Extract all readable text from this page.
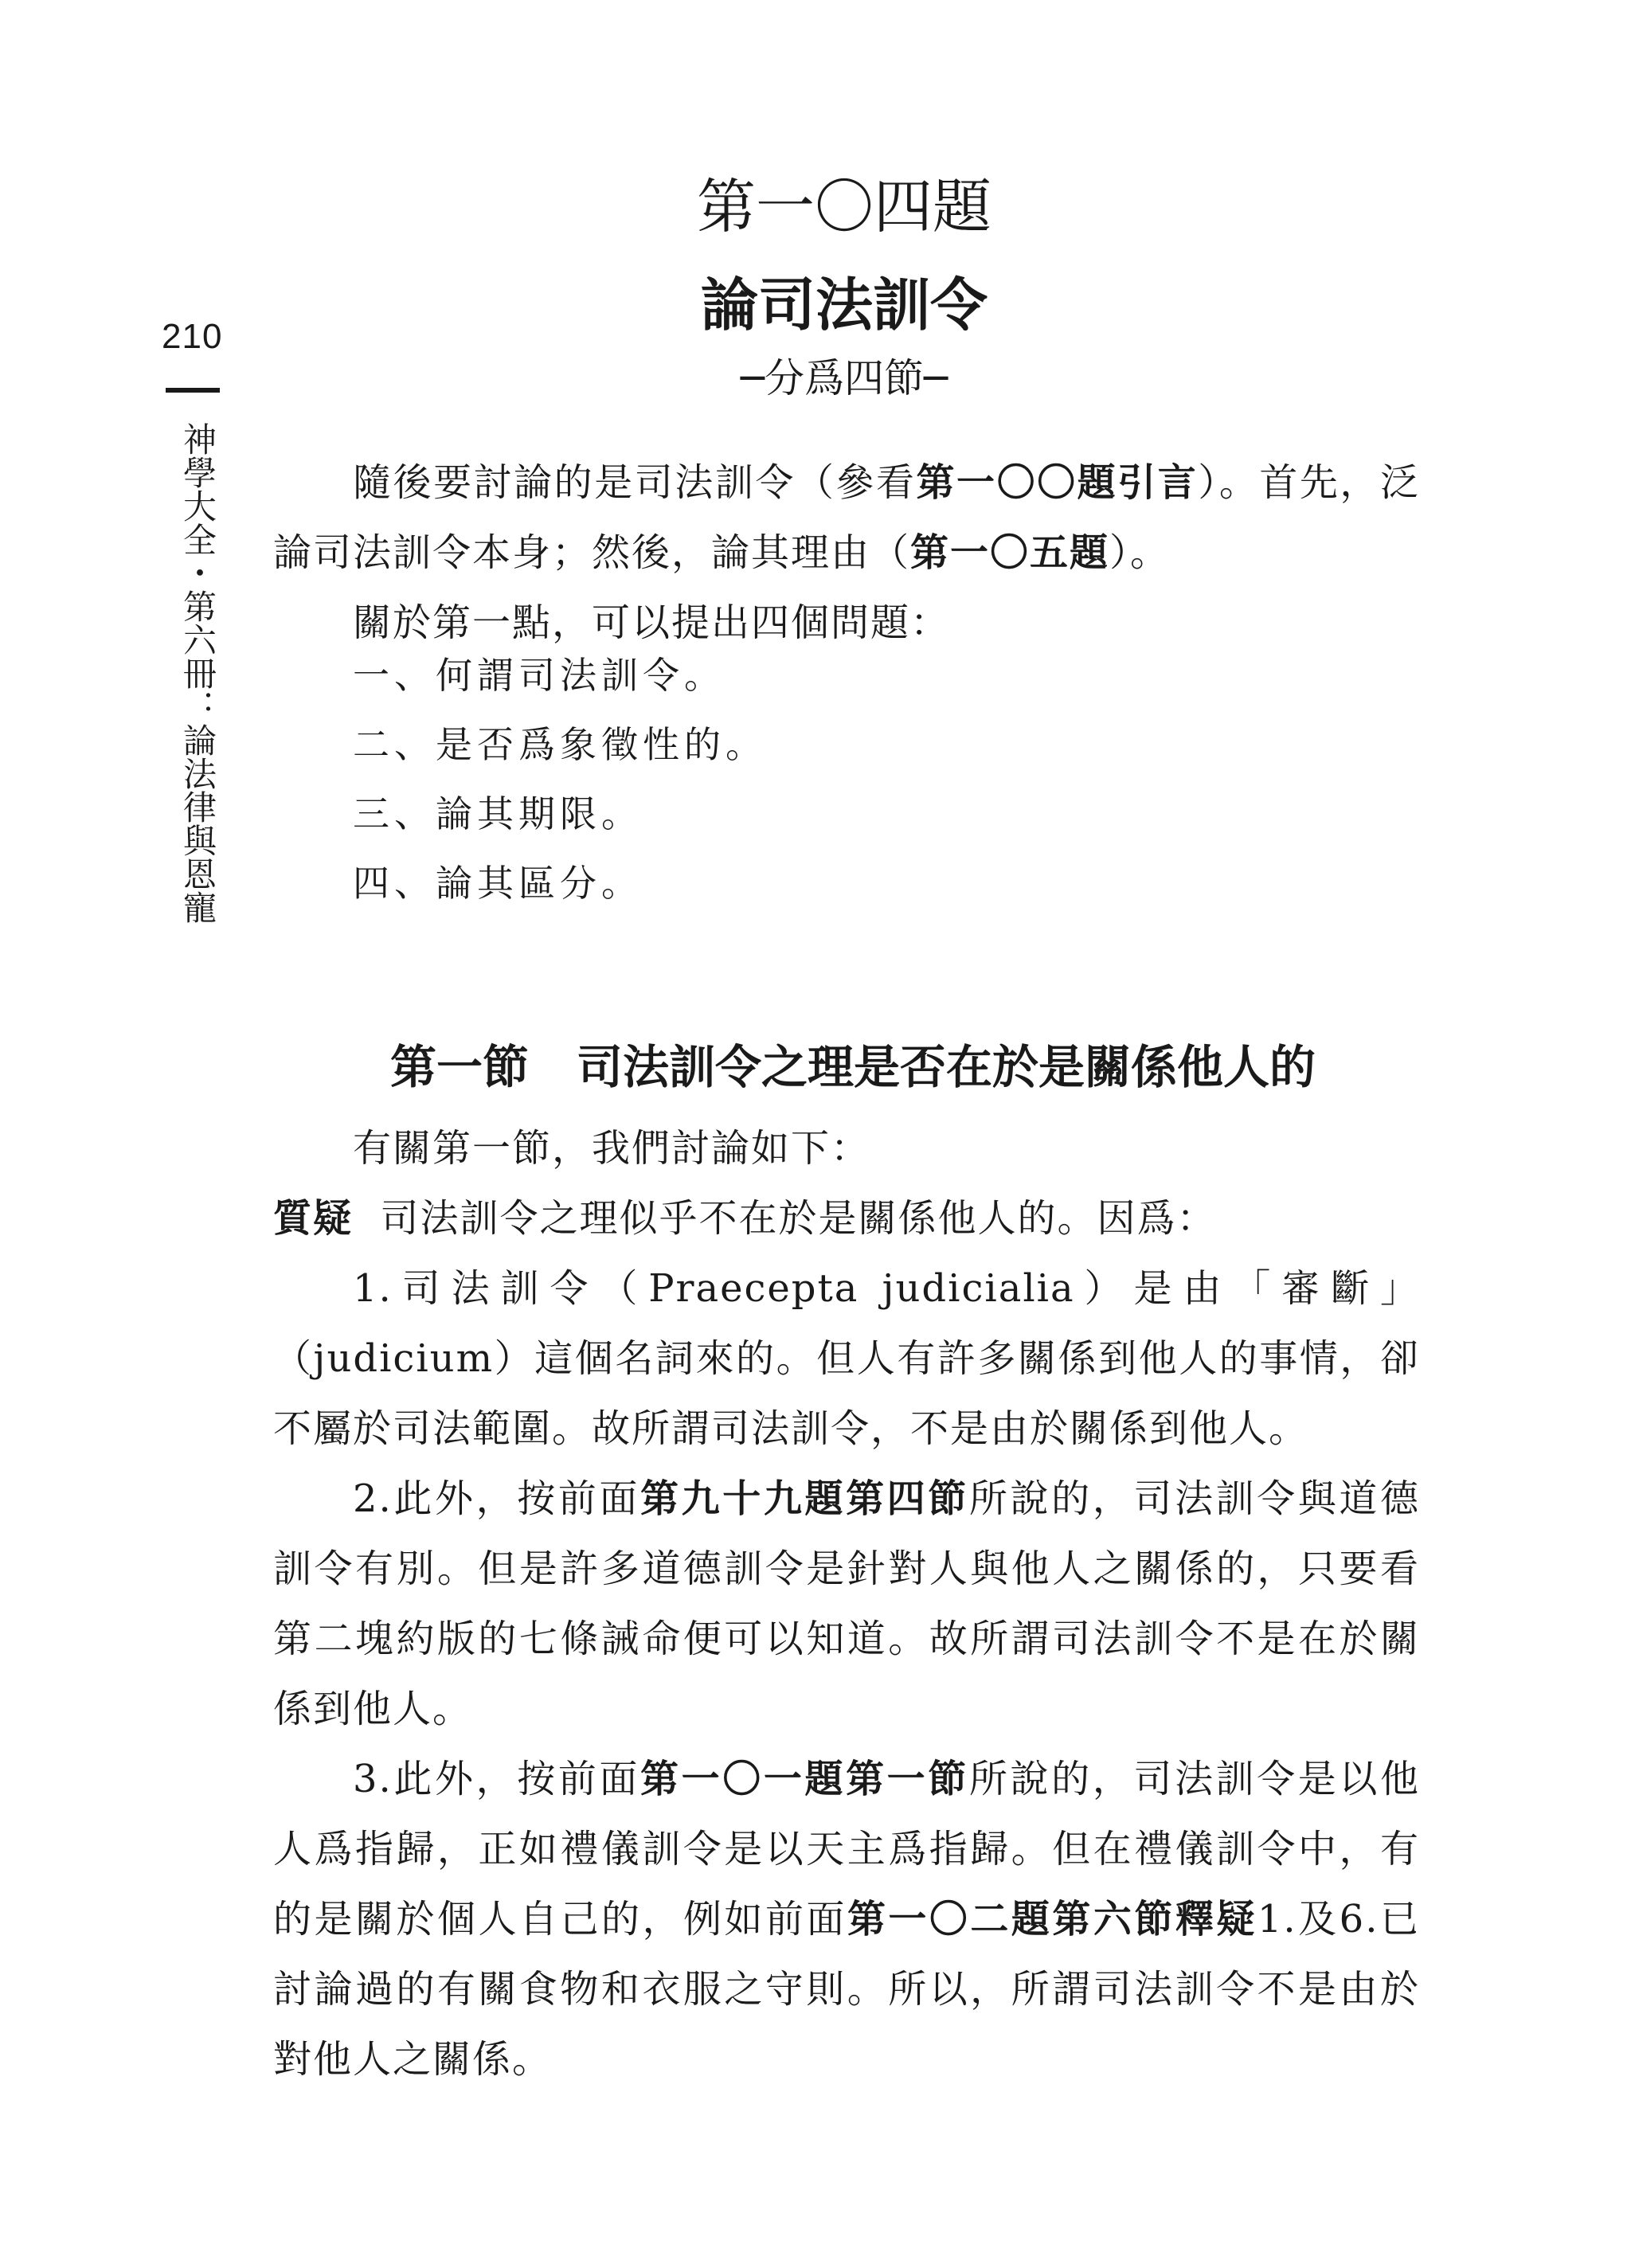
210
神學大全・第六冊：論法律與恩寵
第一〇四題
論司法訓令
─分爲四節─
隨後要討論的是司法訓令（參看第一〇〇題引言）。首先，泛論司法訓令本身；然後，論其理由（第一〇五題）。
關於第一點，可以提出四個問題：
一、何謂司法訓令。
二、是否爲象徵性的。
三、論其期限。
四、論其區分。
第一節 司法訓令之理是否在於是關係他人的
有關第一節，我們討論如下：
質疑 司法訓令之理似乎不在於是關係他人的。因爲：
1.司法訓令（Praecepta judicialia）是由「審斷」（judicium）這個名詞來的。但人有許多關係到他人的事情，卻不屬於司法範圍。故所謂司法訓令，不是由於關係到他人。
2.此外，按前面第九十九題第四節所說的，司法訓令與道德訓令有別。但是許多道德訓令是針對人與他人之關係的，只要看第二塊約版的七條誡命便可以知道。故所謂司法訓令不是在於關係到他人。
3.此外，按前面第一〇一題第一節所說的，司法訓令是以他人爲指歸，正如禮儀訓令是以天主爲指歸。但在禮儀訓令中，有的是關於個人自己的，例如前面第一〇二題第六節釋疑1.及6.已討論過的有關食物和衣服之守則。所以，所謂司法訓令不是由於對他人之關係。
